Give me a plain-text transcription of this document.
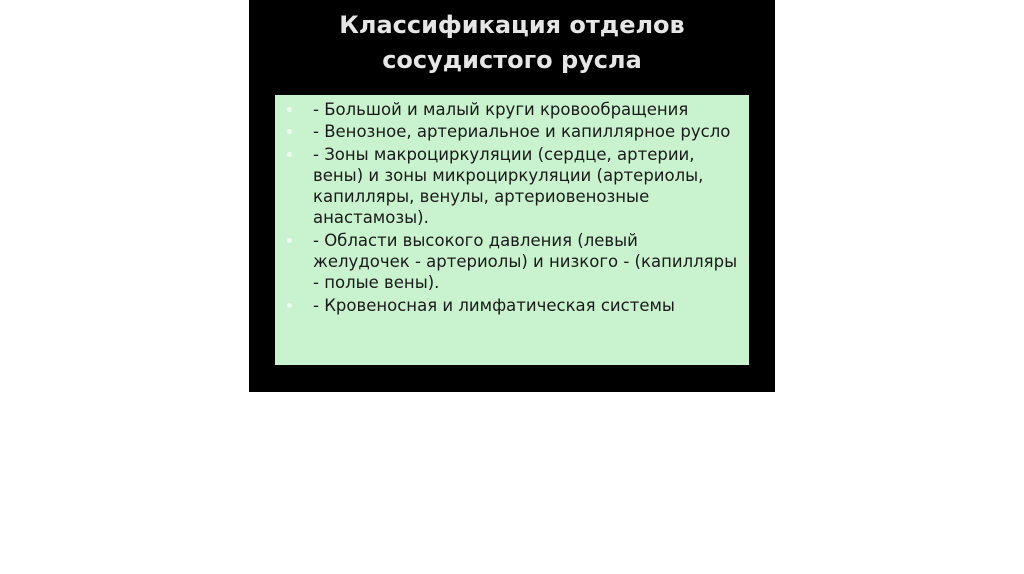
Классификация отделов
сосудистого русла
- Большой и малый круги кровообращения
- Венозное, артериальное и капиллярное русло
- Зоны макроциркуляции (сердце, артерии, вены) и зоны микроциркуляции (артериолы, капилляры, венулы, артериовенозные анастамозы).
- Области высокого давления (левый желудочек - артериолы) и низкого - (капилляры - полые вены).
- Кровеносная и лимфатическая системы
